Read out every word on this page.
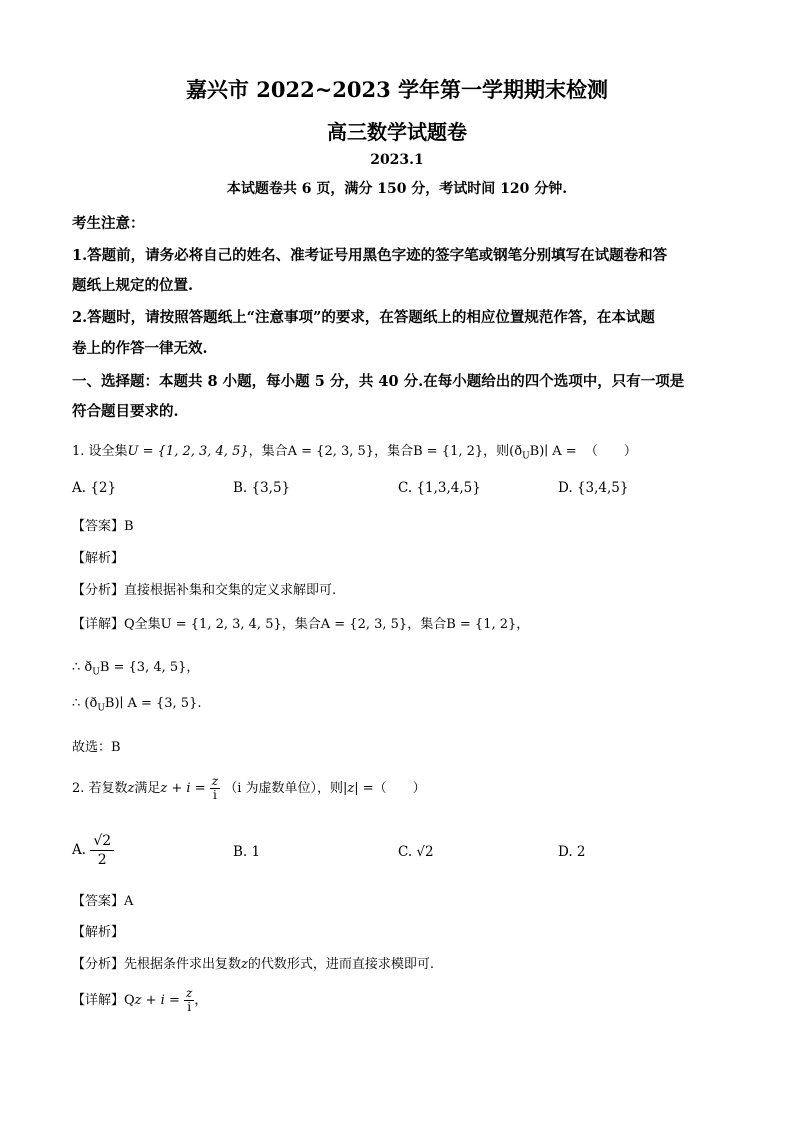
嘉兴市 2022~2023 学年第一学期期末检测
高三数学试题卷
2023.1
本试题卷共 6 页，满分 150 分，考试时间 120 分钟.
考生注意：
1.答题前，请务必将自己的姓名、准考证号用黑色字迹的签字笔或钢笔分别填写在试题卷和答
题纸上规定的位置.
2.答题时，请按照答题纸上“注意事项”的要求，在答题纸上的相应位置规范作答，在本试题
卷上的作答一律无效.
一、选择题：本题共 8 小题，每小题 5 分，共 40 分.在每小题给出的四个选项中，只有一项是
符合题目要求的.
1. 设全集U = {1, 2, 3, 4, 5}，集合A = {2, 3, 5}，集合B = {1, 2}，则$(ð_UB)∣$ A = （　　）
A. {2}	B. {3,5}	C. {1,3,4,5}	D. {3,4,5}
【答案】B
【解析】
【分析】直接根据补集和交集的定义求解即可.
【详解】Q全集U = {1, 2, 3, 4, 5}，集合A = {2, 3, 5}，集合B = {1, 2}，
∴ $ð_UB = \{3$, 4, 5}，
∴ $(ð_UB)∣$ A = {3, 5}.
故选：B
2. 若复数z满足$z + i = \frac{z}{i} (i$ 为虚数单位），则|z| =（　　）
A. $\frac{√2}{2}$	B. 1	C. √2	D. 2
【答案】A
【解析】
【分析】先根据条件求出复数z的代数形式，进而直接求模即可.
【详解】$Qz + i = \frac{z}{i}$ ，
